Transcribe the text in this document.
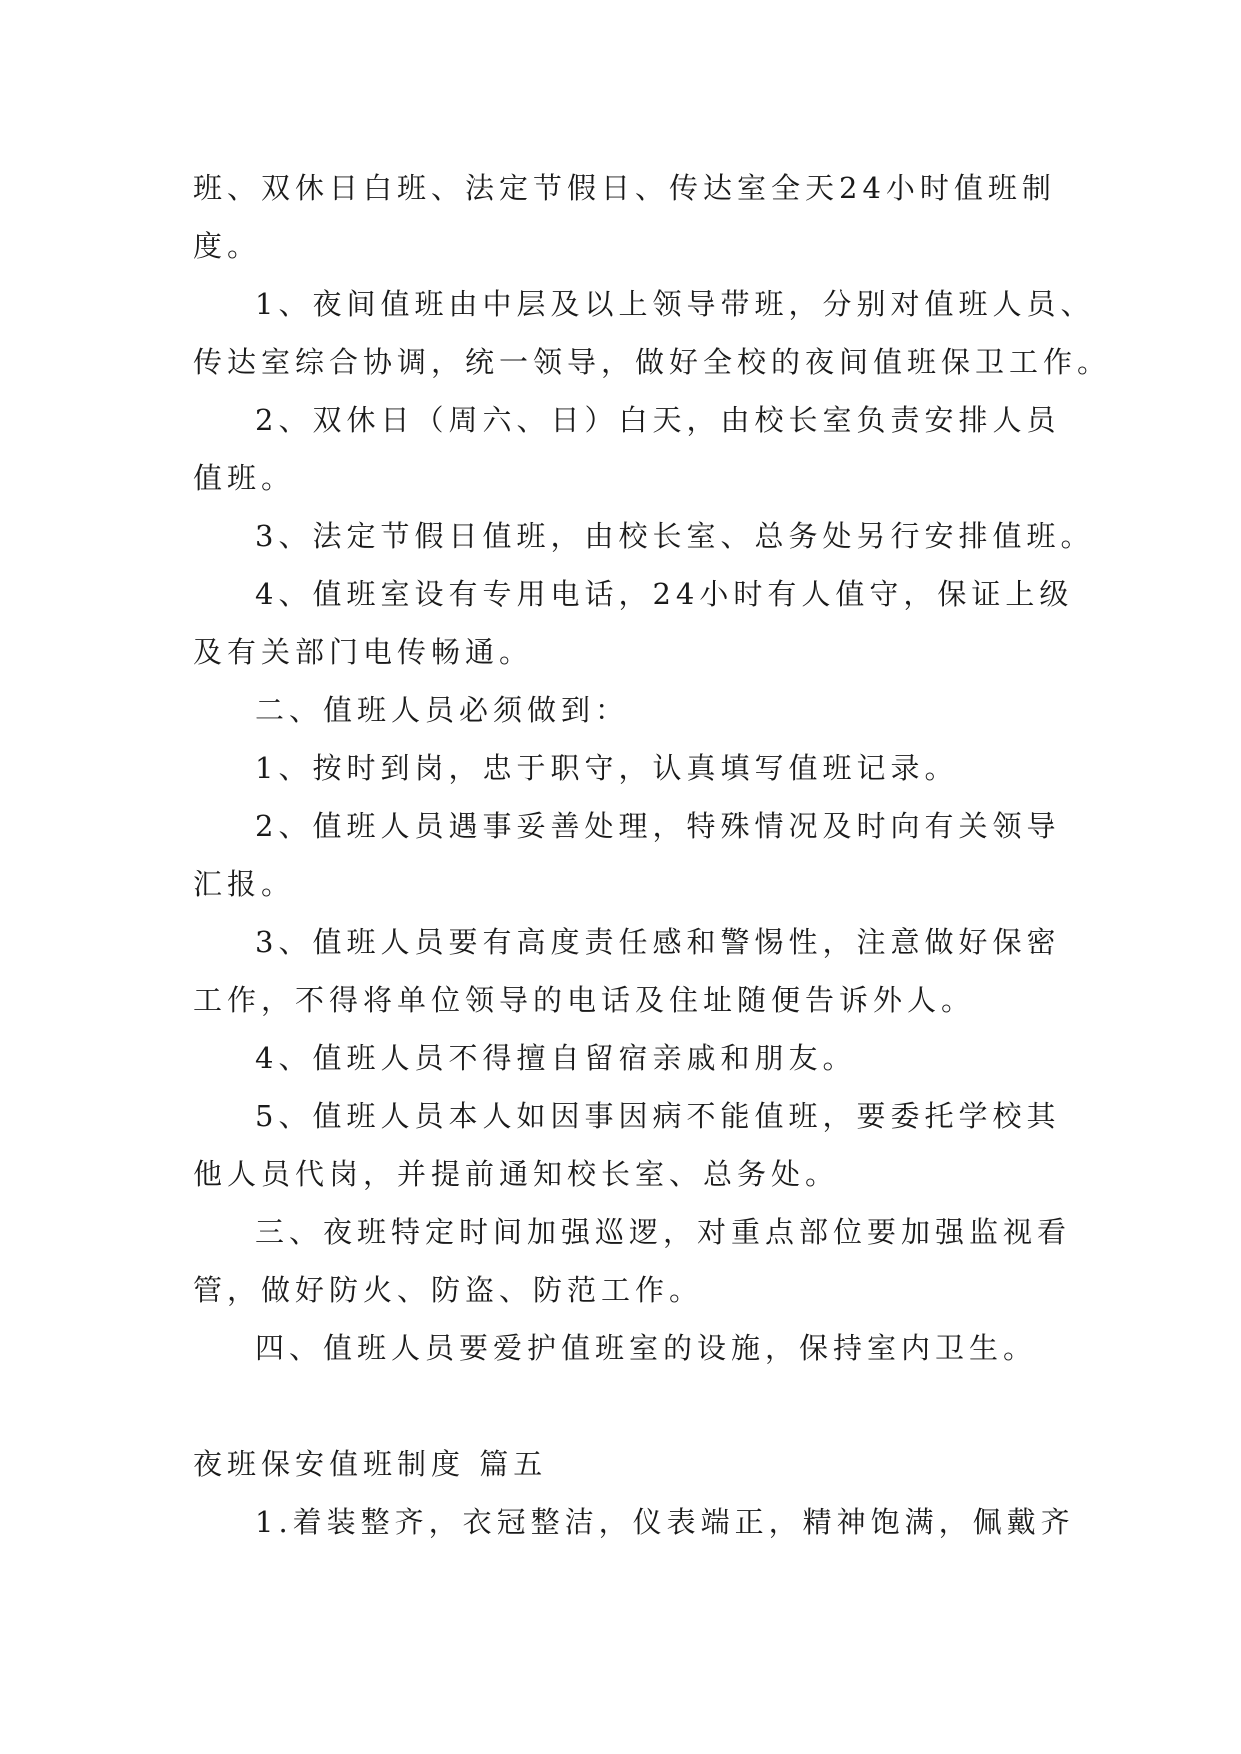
班、双休日白班、法定节假日、传达室全天24小时值班制
度。
1、夜间值班由中层及以上领导带班，分别对值班人员、
传达室综合协调，统一领导，做好全校的夜间值班保卫工作。
2、双休日（周六、日）白天，由校长室负责安排人员
值班。
3、法定节假日值班，由校长室、总务处另行安排值班。
4、值班室设有专用电话，24小时有人值守，保证上级
及有关部门电传畅通。
二、值班人员必须做到：
1、按时到岗，忠于职守，认真填写值班记录。
2、值班人员遇事妥善处理，特殊情况及时向有关领导
汇报。
3、值班人员要有高度责任感和警惕性，注意做好保密
工作，不得将单位领导的电话及住址随便告诉外人。
4、值班人员不得擅自留宿亲戚和朋友。
5、值班人员本人如因事因病不能值班，要委托学校其
他人员代岗，并提前通知校长室、总务处。
三、夜班特定时间加强巡逻，对重点部位要加强监视看
管，做好防火、防盗、防范工作。
四、值班人员要爱护值班室的设施，保持室内卫生。
夜班保安值班制度 篇五
1.着装整齐，衣冠整洁，仪表端正，精神饱满，佩戴齐
